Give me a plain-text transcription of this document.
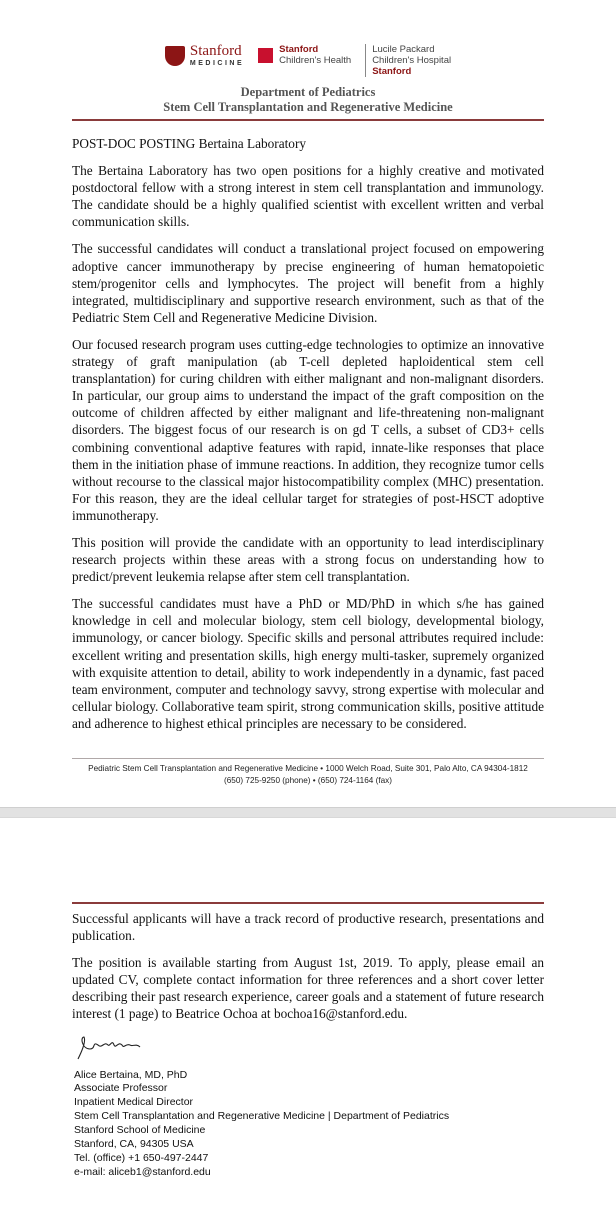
Stanford
MEDICINE
Stanford
Children's Health
Lucile Packard
Children's Hospital
Stanford
Department of Pediatrics
Stem Cell Transplantation and Regenerative Medicine
POST-DOC POSTING Bertaina Laboratory
The Bertaina Laboratory has two open positions for a highly creative and motivated postdoctoral fellow with a strong interest in stem cell transplantation and immunology. The candidate should be a highly qualified scientist with excellent written and verbal communication skills.
The successful candidates will conduct a translational project focused on empowering adoptive cancer immunotherapy by precise engineering of human hematopoietic stem/progenitor cells and lymphocytes. The project will benefit from a highly integrated, multidisciplinary and supportive research environment, such as that of the Pediatric Stem Cell and Regenerative Medicine Division.
Our focused research program uses cutting-edge technologies to optimize an innovative strategy of graft manipulation (ab T-cell depleted haploidentical stem cell transplantation) for curing children with either malignant and non-malignant disorders. In particular, our group aims to understand the impact of the graft composition on the outcome of children affected by either malignant and life-threatening non-malignant disorders. The biggest focus of our research is on gd T cells, a subset of CD3+ cells combining conventional adaptive features with rapid, innate-like responses that place them in the initiation phase of immune reactions. In addition, they recognize tumor cells without recourse to the classical major histocompatibility complex (MHC) presentation. For this reason, they are the ideal cellular target for strategies of post-HSCT adoptive immunotherapy.
This position will provide the candidate with an opportunity to lead interdisciplinary research projects within these areas with a strong focus on understanding how to predict/prevent leukemia relapse after stem cell transplantation.
The successful candidates must have a PhD or MD/PhD in which s/he has gained knowledge in cell and molecular biology, stem cell biology, developmental biology, immunology, or cancer biology. Specific skills and personal attributes required include: excellent writing and presentation skills, high energy multi-tasker, supremely organized with exquisite attention to detail, ability to work independently in a dynamic, fast paced team environment, computer and technology savvy, strong expertise with molecular and cellular biology. Collaborative team spirit, strong communication skills, positive attitude and adherence to highest ethical principles are necessary to be considered.
Pediatric Stem Cell Transplantation and Regenerative Medicine • 1000 Welch Road, Suite 301, Palo Alto, CA 94304-1812
(650) 725-9250 (phone) • (650) 724-1164 (fax)
Successful applicants will have a track record of productive research, presentations and publication.
The position is available starting from August 1st, 2019. To apply, please email an updated CV, complete contact information for three references and a short cover letter describing their past research experience, career goals and a statement of future research interest (1 page) to Beatrice Ochoa at bochoa16@stanford.edu.
Alice Bertaina, MD, PhD
Associate Professor
Inpatient Medical Director
Stem Cell Transplantation and Regenerative Medicine | Department of Pediatrics
Stanford School of Medicine
Stanford, CA, 94305 USA
Tel. (office) +1 650-497-2447
e-mail: aliceb1@stanford.edu
